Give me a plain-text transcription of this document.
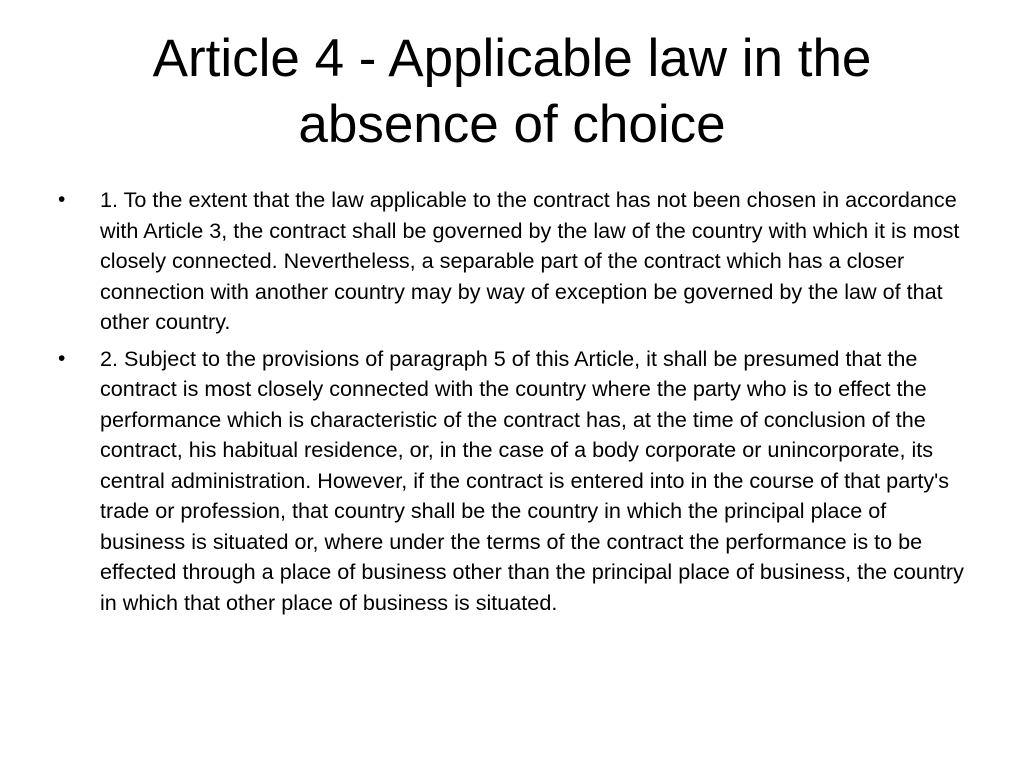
Article 4 - Applicable law in the
absence of choice
•	1. To the extent that the law applicable to the contract has not been chosen in accordance with Article 3, the contract shall be governed by the law of the country with which it is most closely connected. Nevertheless, a separable part of the contract which has a closer connection with another country may by way of exception be governed by the law of that other country.
•	2. Subject to the provisions of paragraph 5 of this Article, it shall be presumed that the contract is most closely connected with the country where the party who is to effect the performance which is characteristic of the contract has, at the time of conclusion of the contract, his habitual residence, or, in the case of a body corporate or unincorporate, its central administration. However, if the contract is entered into in the course of that party's trade or profession, that country shall be the country in which the principal place of business is situated or, where under the terms of the contract the performance is to be effected through a place of business other than the principal place of business, the country in which that other place of business is situated.
